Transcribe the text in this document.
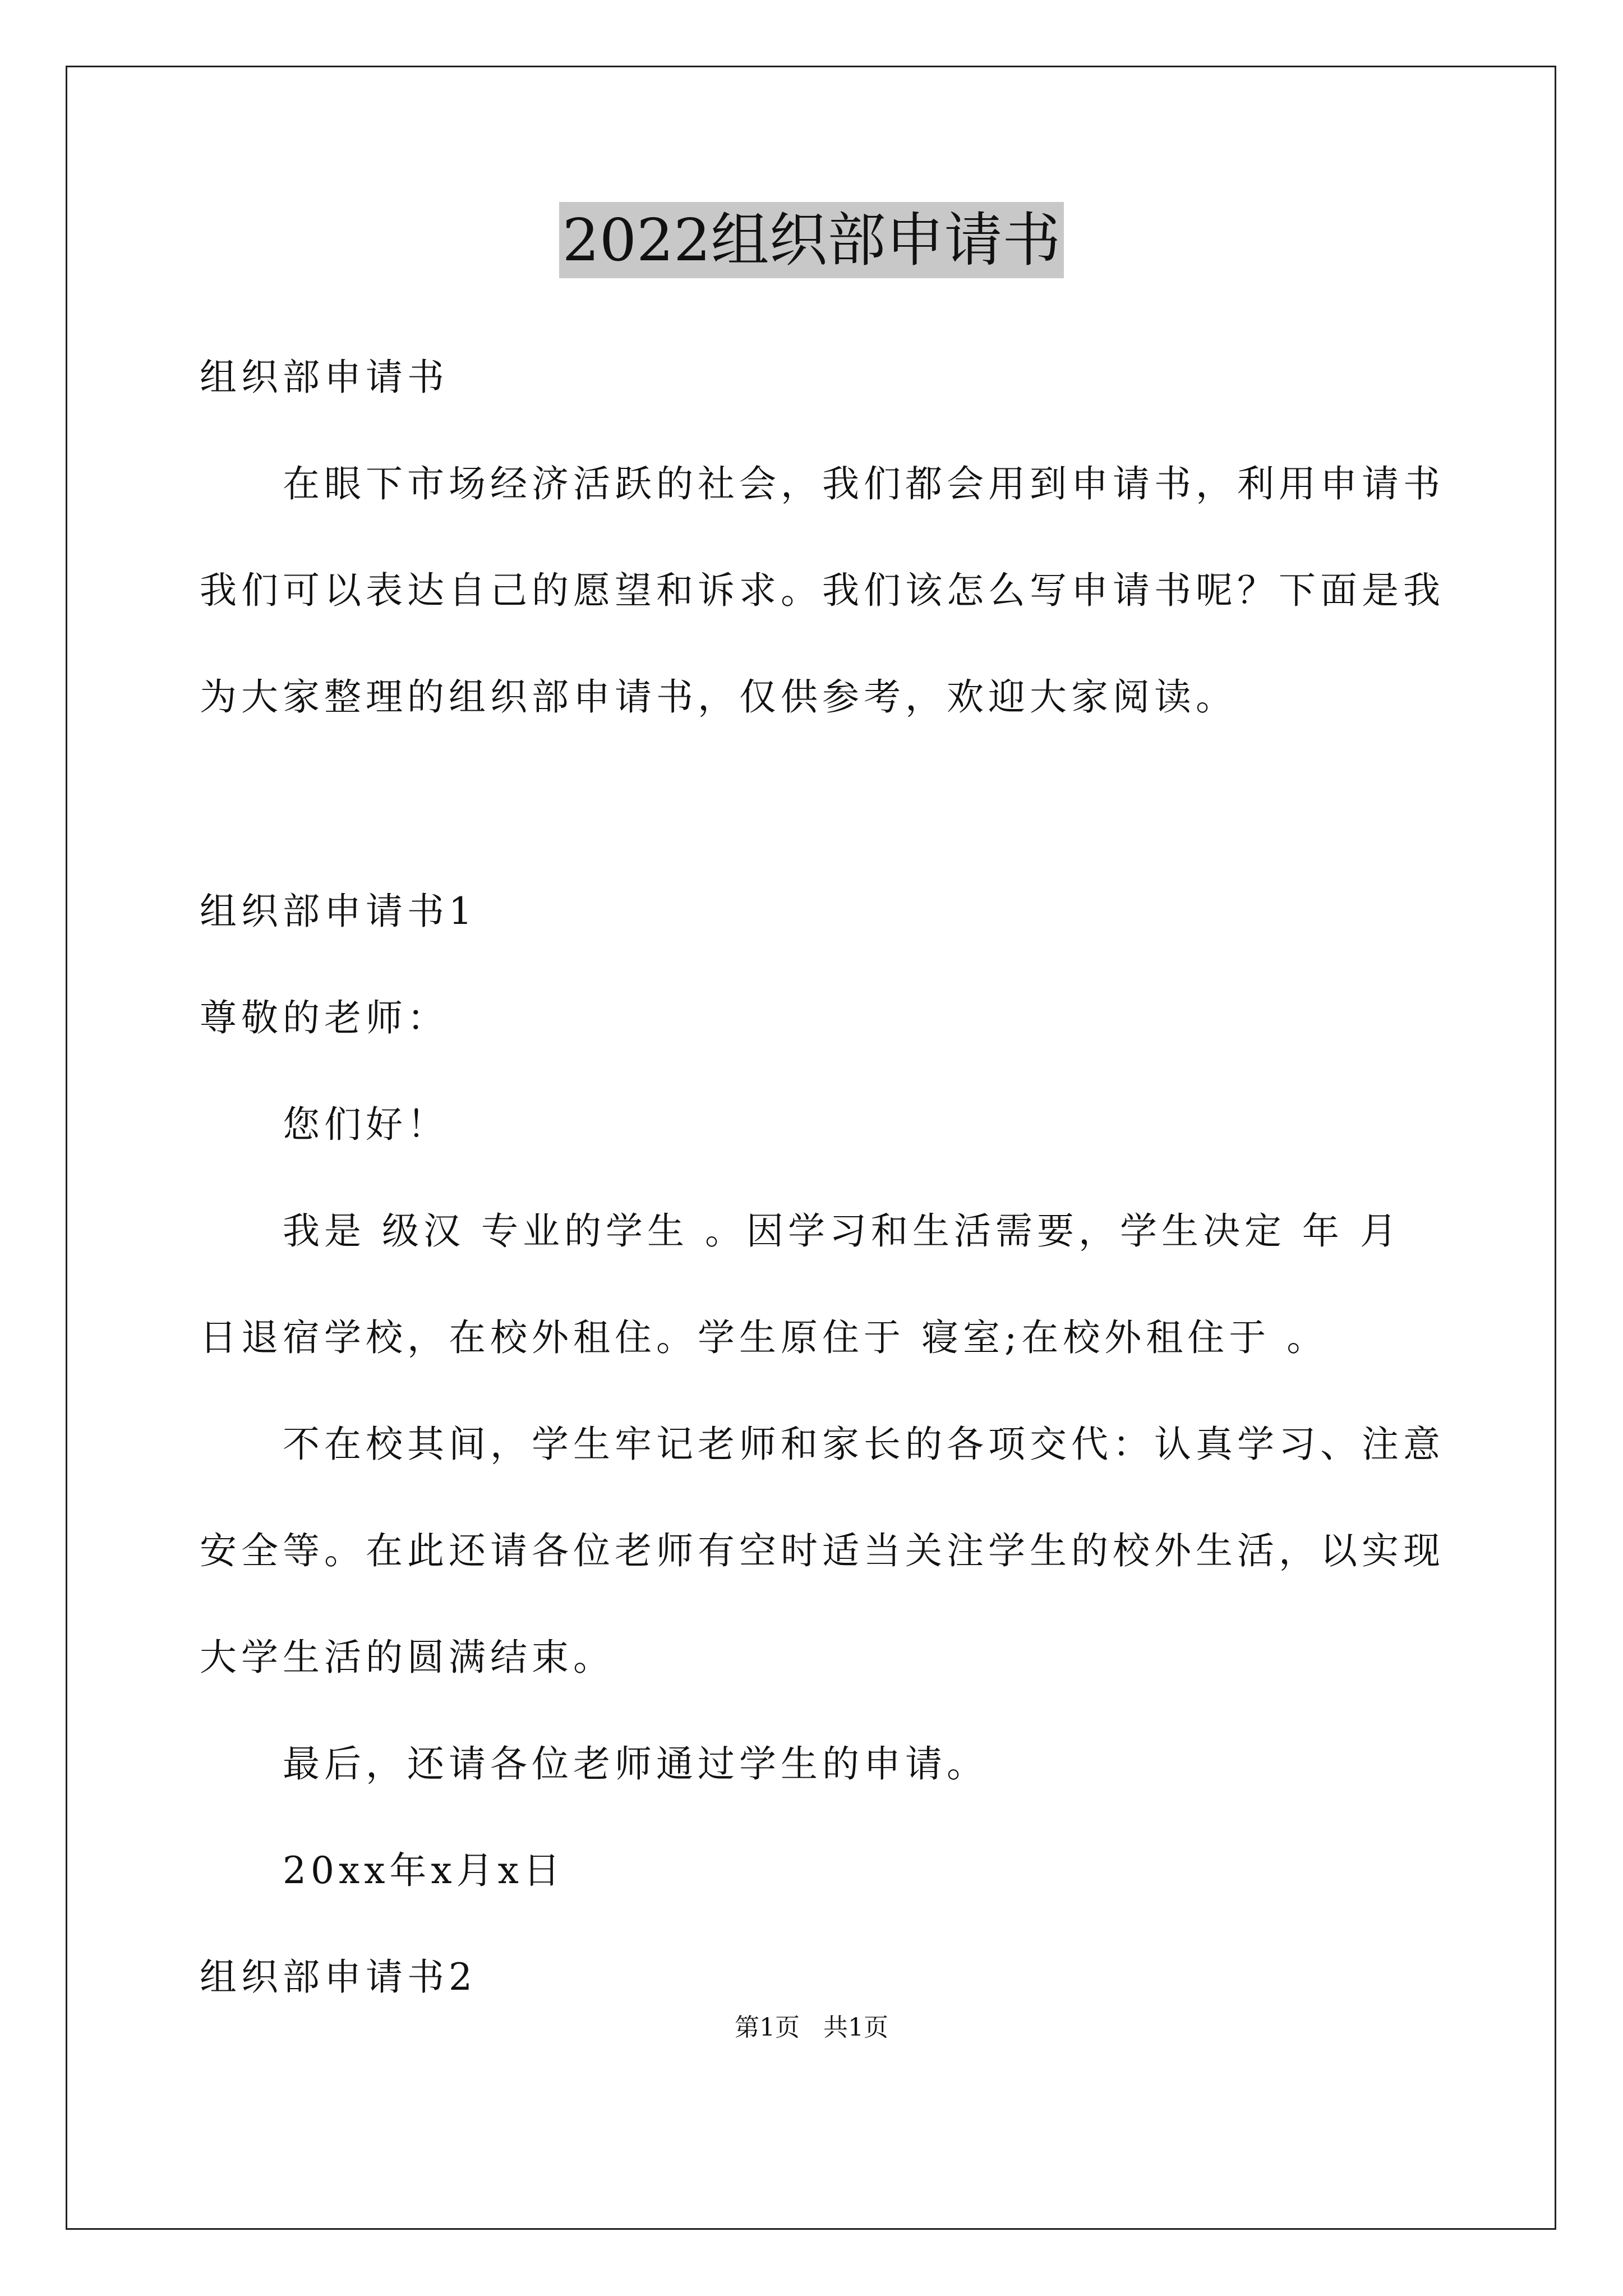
2022组织部申请书
组织部申请书
在眼下市场经济活跃的社会，我们都会用到申请书，利用申请书
我们可以表达自己的愿望和诉求。我们该怎么写申请书呢？下面是我
为大家整理的组织部申请书，仅供参考，欢迎大家阅读。
组织部申请书1
尊敬的老师：
您们好！
我是 级汉 专业的学生 。因学习和生活需要，学生决定 年 月
日退宿学校，在校外租住。学生原住于 寝室;在校外租住于 。
不在校其间，学生牢记老师和家长的各项交代：认真学习、注意
安全等。在此还请各位老师有空时适当关注学生的校外生活，以实现
大学生活的圆满结束。
最后，还请各位老师通过学生的申请。
20xx年x月x日
组织部申请书2
第1页 共1页
